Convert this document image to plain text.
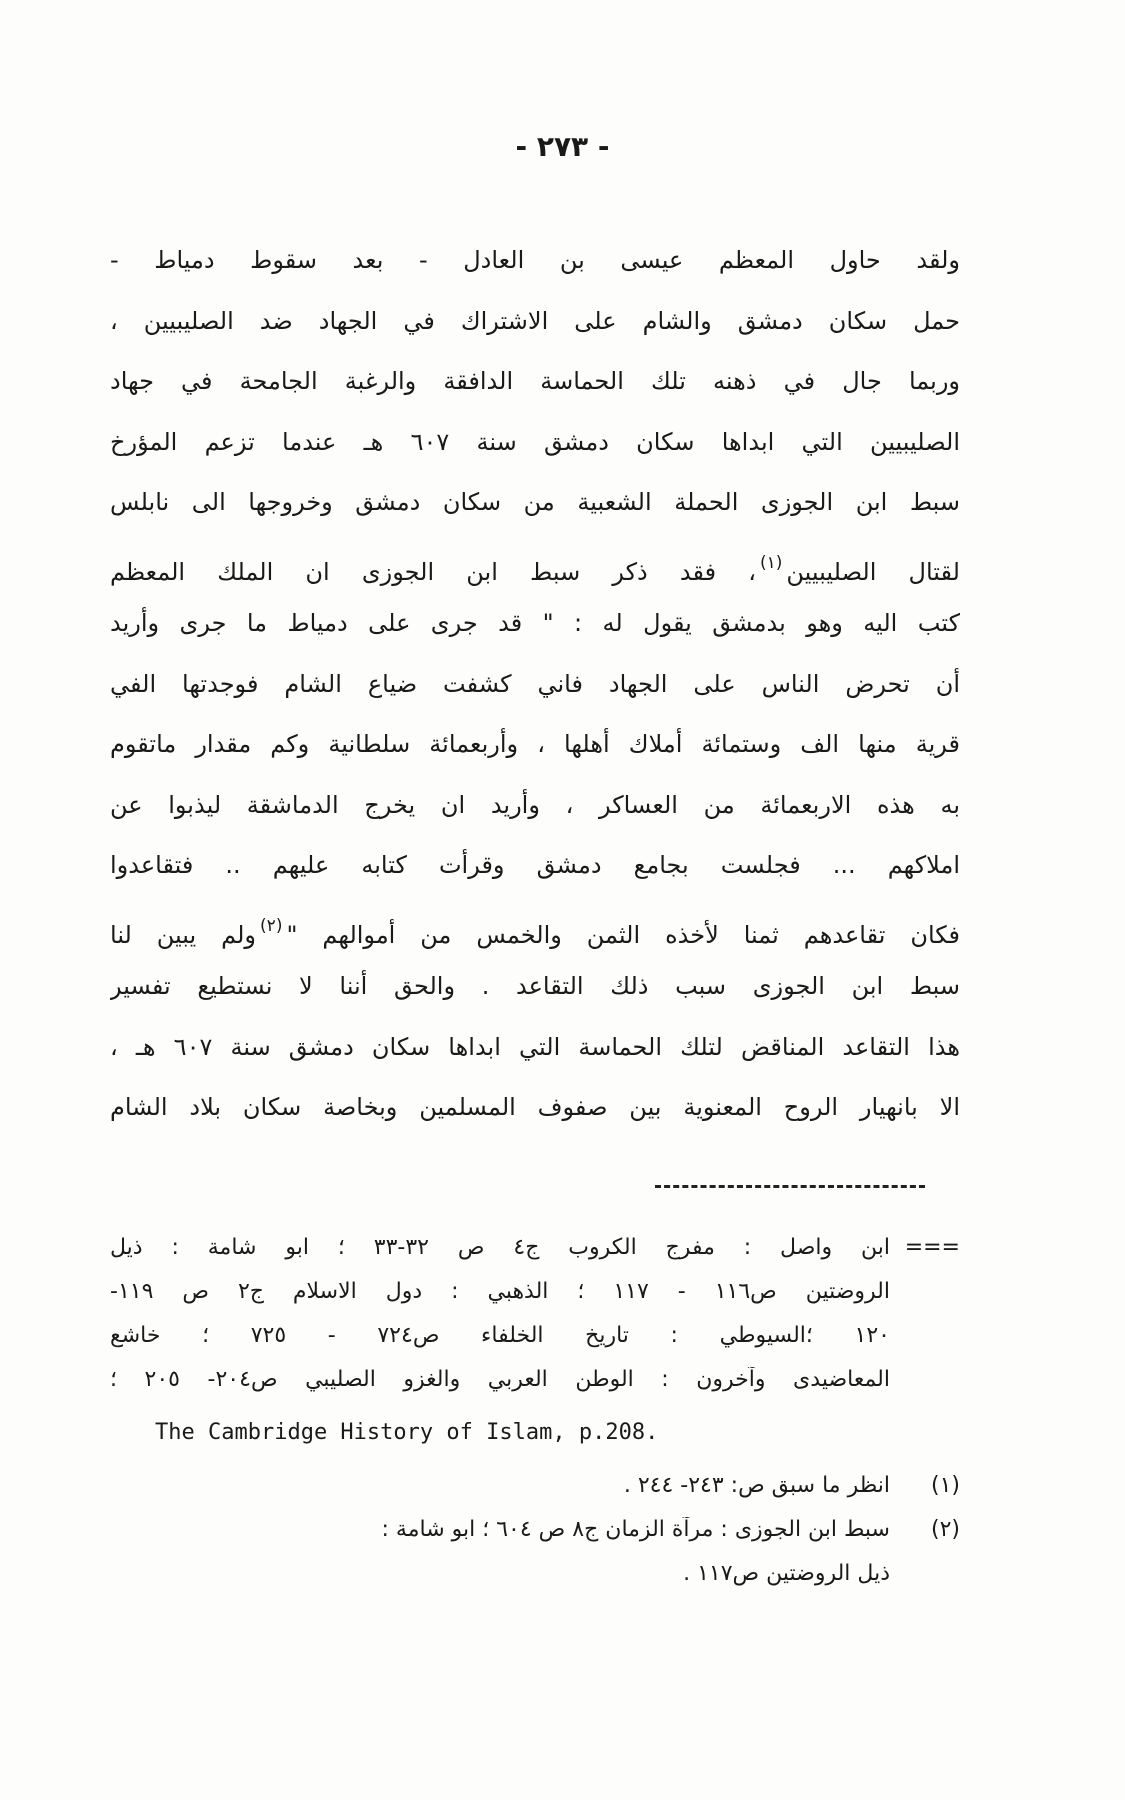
- ٢٧٣ -
ولقد حاول المعظم عيسى بن العادل - بعد سقوط دمياط -
حمل سكان دمشق والشام على الاشتراك في الجهاد ضد الصليبيين ،
وربما جال في ذهنه تلك الحماسة الدافقة والرغبة الجامحة في جهاد
الصليبيين التي ابداها سكان دمشق سنة ٦٠٧ هـ عندما تزعم المؤرخ
سبط ابن الجوزى الحملة الشعبية من سكان دمشق وخروجها الى نابلس
لقتال الصليبيين$^{(١)}$، فقد ذكر سبط ابن الجوزى ان الملك المعظم
كتب اليه وهو بدمشق يقول له : " قد جرى على دمياط ما جرى وأريد
أن تحرض الناس على الجهاد فاني كشفت ضياع الشام فوجدتها الفي
قرية منها الف وستمائة أملاك أهلها ، وأربعمائة سلطانية وكم مقدار ماتقوم
به هذه الاربعمائة من العساكر ، وأريد ان يخرج الدماشقة ليذبوا عن
املاكهم ... فجلست بجامع دمشق وقرأت كتابه عليهم .. فتقاعدوا
فكان تقاعدهم ثمنا لأخذه الثمن والخمس من أموالهم "$^{(٢)}$ولم يبين لنا
سبط ابن الجوزى سبب ذلك التقاعد . والحق أننا لا نستطيع تفسير
هذا التقاعد المناقض لتلك الحماسة التي ابداها سكان دمشق سنة ٦٠٧ هـ ،
الا بانهيار الروح المعنوية بين صفوف المسلمين وبخاصة سكان بلاد الشام
===
ابن واصل : مفرج الكروب ج٤ ص ٣٢-٣٣ ؛ ابو شامة : ذيل
الروضتين ص١١٦ - ١١٧ ؛ الذهبي : دول الاسلام ج٢ ص ١١٩-
١٢٠ ؛السيوطي : تاريخ الخلفاء ص٧٢٤ - ٧٢٥ ؛ خاشع
المعاضيدى وآخرون : الوطن العربي والغزو الصليبي ص٢٠٤- ٢٠٥ ؛
The Cambridge History of Islam, p.208.
(١)
انظر ما سبق ص: ٢٤٣- ٢٤٤ .
(٢)
سبط ابن الجوزى : مرآة الزمان ج٨ ص ٦٠٤ ؛ ابو شامة :
ذيل الروضتين ص١١٧ .
